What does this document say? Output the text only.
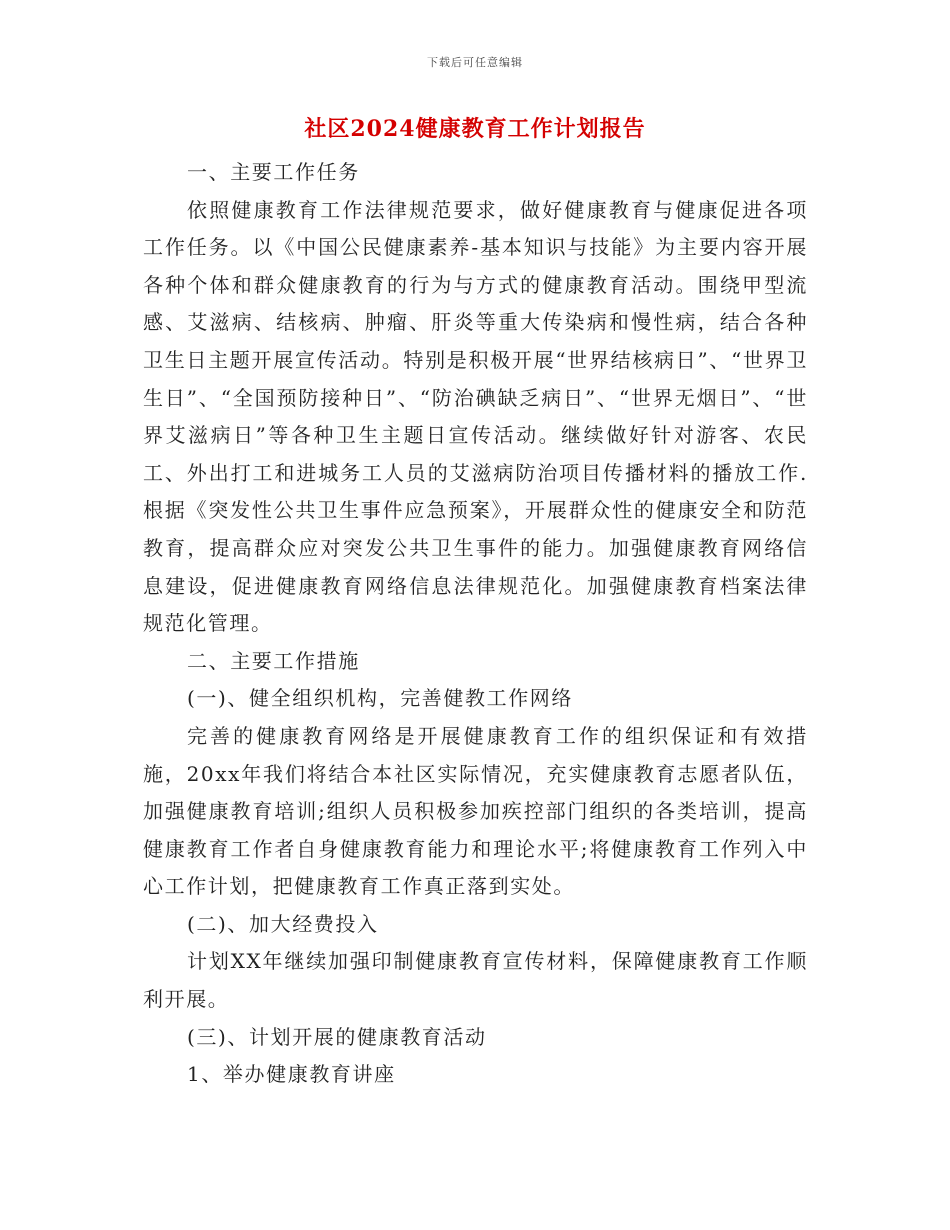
下载后可任意编辑
社区2024健康教育工作计划报告

一、主要工作任务

依照健康教育工作法律规范要求，做好健康教育与健康促进各项工作任务。以《中国公民健康素养-基本知识与技能》为主要内容开展各种个体和群众健康教育的行为与方式的健康教育活动。围绕甲型流感、艾滋病、结核病、肿瘤、肝炎等重大传染病和慢性病，结合各种卫生日主题开展宣传活动。特别是积极开展“世界结核病日”、“世界卫生日”、“全国预防接种日”、“防治碘缺乏病日”、“世界无烟日”、“世界艾滋病日”等各种卫生主题日宣传活动。继续做好针对游客、农民工、外出打工和进城务工人员的艾滋病防治项目传播材料的播放工作.根据《突发性公共卫生事件应急预案》，开展群众性的健康安全和防范教育，提高群众应对突发公共卫生事件的能力。加强健康教育网络信息建设，促进健康教育网络信息法律规范化。加强健康教育档案法律规范化管理。

二、主要工作措施

(一)、健全组织机构，完善健教工作网络

完善的健康教育网络是开展健康教育工作的组织保证和有效措施，20xx年我们将结合本社区实际情况，充实健康教育志愿者队伍，加强健康教育培训;组织人员积极参加疾控部门组织的各类培训，提高健康教育工作者自身健康教育能力和理论水平;将健康教育工作列入中心工作计划，把健康教育工作真正落到实处。

(二)、加大经费投入

计划XX年继续加强印制健康教育宣传材料，保障健康教育工作顺利开展。

(三)、计划开展的健康教育活动

1、举办健康教育讲座
